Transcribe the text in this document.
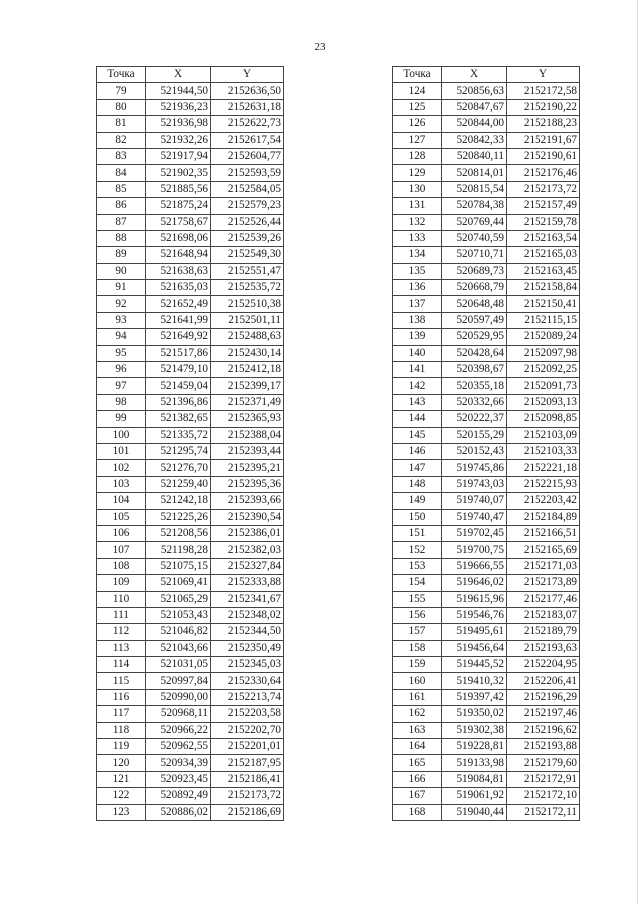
23
Точка	X	Y
79	521944,50	2152636,50
80	521936,23	2152631,18
81	521936,98	2152622,73
82	521932,26	2152617,54
83	521917,94	2152604,77
84	521902,35	2152593,59
85	521885,56	2152584,05
86	521875,24	2152579,23
87	521758,67	2152526,44
88	521698,06	2152539,26
89	521648,94	2152549,30
90	521638,63	2152551,47
91	521635,03	2152535,72
92	521652,49	2152510,38
93	521641,99	2152501,11
94	521649,92	2152488,63
95	521517,86	2152430,14
96	521479,10	2152412,18
97	521459,04	2152399,17
98	521396,86	2152371,49
99	521382,65	2152365,93
100	521335,72	2152388,04
101	521295,74	2152393,44
102	521276,70	2152395,21
103	521259,40	2152395,36
104	521242,18	2152393,66
105	521225,26	2152390,54
106	521208,56	2152386,01
107	521198,28	2152382,03
108	521075,15	2152327,84
109	521069,41	2152333,88
110	521065,29	2152341,67
111	521053,43	2152348,02
112	521046,82	2152344,50
113	521043,66	2152350,49
114	521031,05	2152345,03
115	520997,84	2152330,64
116	520990,00	2152213,74
117	520968,11	2152203,58
118	520966,22	2152202,70
119	520962,55	2152201,01
120	520934,39	2152187,95
121	520923,45	2152186,41
122	520892,49	2152173,72
123	520886,02	2152186,69
Точка	X	Y
124	520856,63	2152172,58
125	520847,67	2152190,22
126	520844,00	2152188,23
127	520842,33	2152191,67
128	520840,11	2152190,61
129	520814,01	2152176,46
130	520815,54	2152173,72
131	520784,38	2152157,49
132	520769,44	2152159,78
133	520740,59	2152163,54
134	520710,71	2152165,03
135	520689,73	2152163,45
136	520668,79	2152158,84
137	520648,48	2152150,41
138	520597,49	2152115,15
139	520529,95	2152089,24
140	520428,64	2152097,98
141	520398,67	2152092,25
142	520355,18	2152091,73
143	520332,66	2152093,13
144	520222,37	2152098,85
145	520155,29	2152103,09
146	520152,43	2152103,33
147	519745,86	2152221,18
148	519743,03	2152215,93
149	519740,07	2152203,42
150	519740,47	2152184,89
151	519702,45	2152166,51
152	519700,75	2152165,69
153	519666,55	2152171,03
154	519646,02	2152173,89
155	519615,96	2152177,46
156	519546,76	2152183,07
157	519495,61	2152189,79
158	519456,64	2152193,63
159	519445,52	2152204,95
160	519410,32	2152206,41
161	519397,42	2152196,29
162	519350,02	2152197,46
163	519302,38	2152196,62
164	519228,81	2152193,88
165	519133,98	2152179,60
166	519084,81	2152172,91
167	519061,92	2152172,10
168	519040,44	2152172,11
